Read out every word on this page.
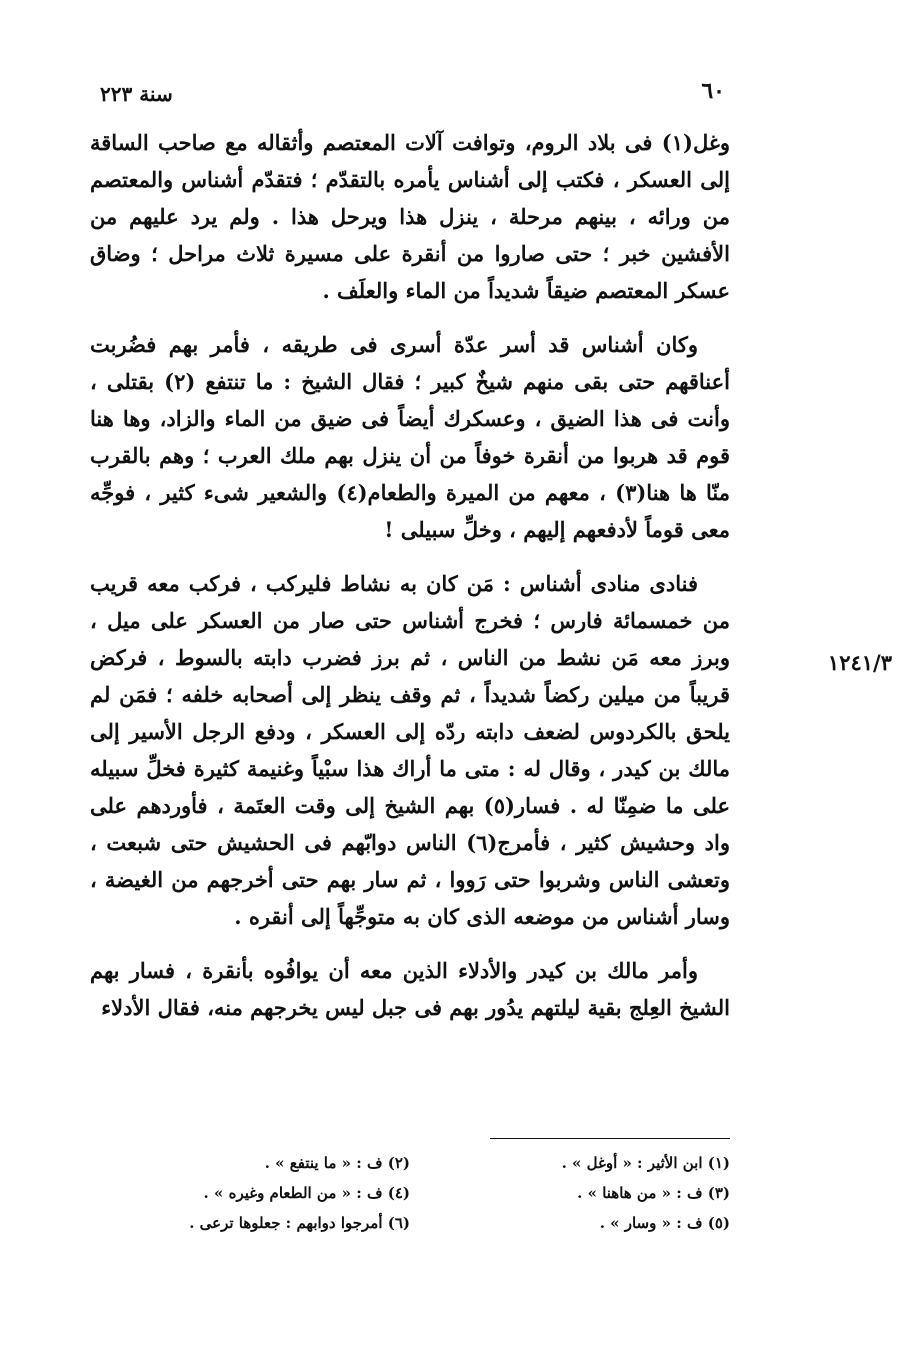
٦٠
سنة ٢٢٣

وغل(١) فى بلاد الروم، وتوافت آلات المعتصم وأثقاله مع صاحب الساقة إلى العسكر ، فكتب إلى أشناس يأمره بالتقدّم ؛ فتقدّم أشناس والمعتصم من ورائه ، بينهم مرحلة ، ينزل هذا ويرحل هذا . ولم يرد عليهم من الأفشين خبر ؛ حتى صاروا من أنقرة على مسيرة ثلاث مراحل ؛ وضاق عسكر المعتصم ضيقاً شديداً من الماء والعلَف .

وكان أشناس قد أسر عدّة أسرى فى طريقه ، فأمر بهم فضُربت أعناقهم حتى بقى منهم شيخٌ كبير ؛ فقال الشيخ : ما تنتفع (٢) بقتلى ، وأنت فى هذا الضيق ، وعسكرك أيضاً فى ضيق من الماء والزاد، وها هنا قوم قد هربوا من أنقرة خوفاً من أن ينزل بهم ملك العرب ؛ وهم بالقرب منّا ها هنا(٣) ، معهم من الميرة والطعام(٤) والشعير شىء كثير ، فوجِّه معى قوماً لأدفعهم إليهم ، وخلِّ سبيلى !

فنادى منادى أشناس : مَن كان به نشاط فليركب ، فركب معه قريب من خمسمائة فارس ؛ فخرج أشناس حتى صار من العسكر على ميل ، وبرز معه مَن نشط من الناس ، ثم برز فضرب دابته بالسوط ، فركض قريباً من ميلين ركضاً شديداً ، ثم وقف ينظر إلى أصحابه خلفه ؛ فمَن لم يلحق بالكردوس لضعف دابته ردّه إلى العسكر ، ودفع الرجل الأسير إلى مالك بن كيدر ، وقال له : متى ما أراك هذا سبْياً وغنيمة كثيرة فخلِّ سبيله على ما ضمِنّا له . فسار(٥) بهم الشيخ إلى وقت العتَمة ، فأوردهم على واد وحشيش كثير ، فأمرج(٦) الناس دوابّهم فى الحشيش حتى شبعت ، وتعشى الناس وشربوا حتى رَووا ، ثم سار بهم حتى أخرجهم من الغيضة ، وسار أشناس من موضعه الذى كان به متوجِّهاً إلى أنقره .

وأمر مالك بن كيدر والأدلاء الذين معه أن يوافُوه بأنقرة ، فسار بهم الشيخ العِلج بقية ليلتهم يدُور بهم فى جبل ليس يخرجهم منه، فقال الأدلاء

١٢٤١/٣
(١) ابن الأثير : « أوغل » .
(٢) ف : « ما ينتفع » .
(٣) ف : « من هاهنا » .
(٤) ف : « من الطعام وغيره » .
(٥) ف : « وسار » .
(٦) أمرجوا دوابهم : جعلوها ترعى .
